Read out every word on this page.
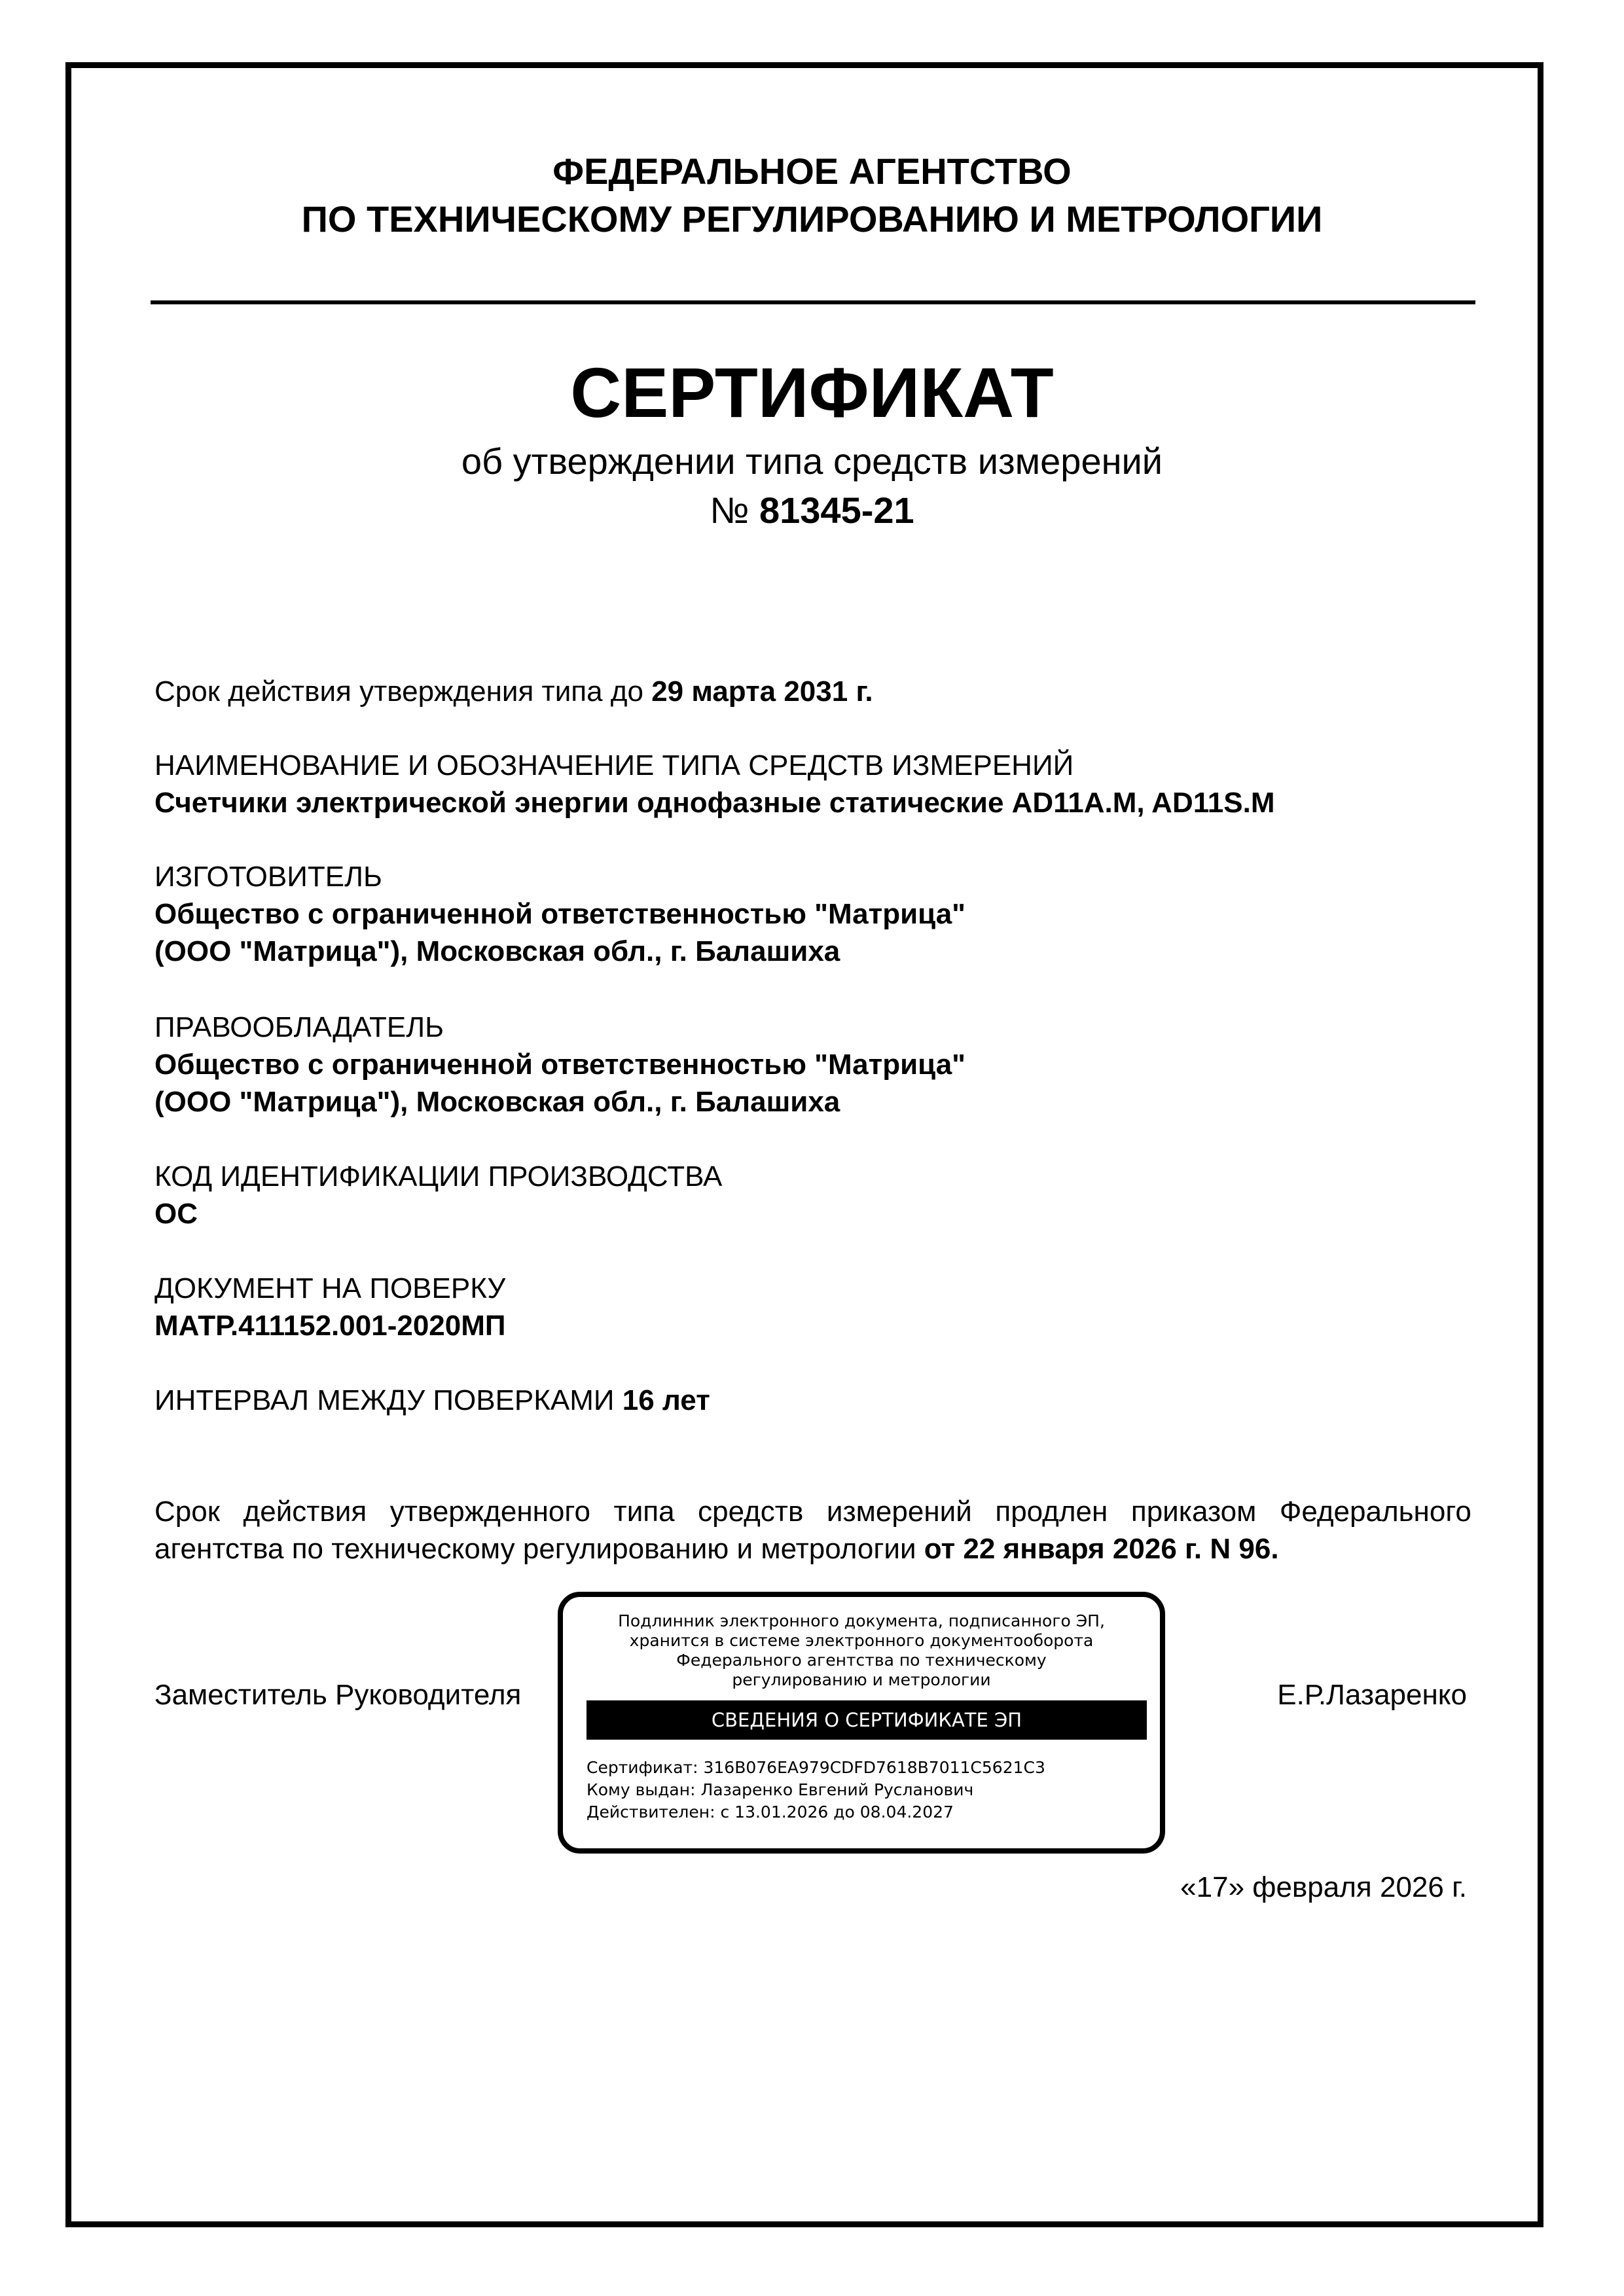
ФЕДЕРАЛЬНОЕ АГЕНТСТВО
ПО ТЕХНИЧЕСКОМУ РЕГУЛИРОВАНИЮ И МЕТРОЛОГИИ
СЕРТИФИКАТ
об утверждении типа средств измерений
№ 81345-21
Срок действия утверждения типа до 29 марта 2031 г.
НАИМЕНОВАНИЕ И ОБОЗНАЧЕНИЕ ТИПА СРЕДСТВ ИЗМЕРЕНИЙ
Счетчики электрической энергии однофазные статические AD11A.M, AD11S.M
ИЗГОТОВИТЕЛЬ
Общество с ограниченной ответственностью "Матрица"
(ООО "Матрица"), Московская обл., г. Балашиха
ПРАВООБЛАДАТЕЛЬ
Общество с ограниченной ответственностью "Матрица"
(ООО "Матрица"), Московская обл., г. Балашиха
КОД ИДЕНТИФИКАЦИИ ПРОИЗВОДСТВА
ОС
ДОКУМЕНТ НА ПОВЕРКУ
МАТР.411152.001-2020МП
ИНТЕРВАЛ МЕЖДУ ПОВЕРКАМИ 16 лет
Срок действия утвержденного типа средств измерений продлен приказом Федерального
агентства по техническому регулированию и метрологии от 22 января 2026 г. N 96.
Заместитель Руководителя
Подлинник электронного документа, подписанного ЭП,
хранится в системе электронного документооборота
Федерального агентства по техническому
регулированию и метрологии
СВЕДЕНИЯ О СЕРТИФИКАТЕ ЭП
Сертификат: 316B076EA979CDFD7618B7011C5621C3
Кому выдан: Лазаренко Евгений Русланович
Действителен: с 13.01.2026 до 08.04.2027
Е.Р.Лазаренко
«17» февраля 2026 г.
